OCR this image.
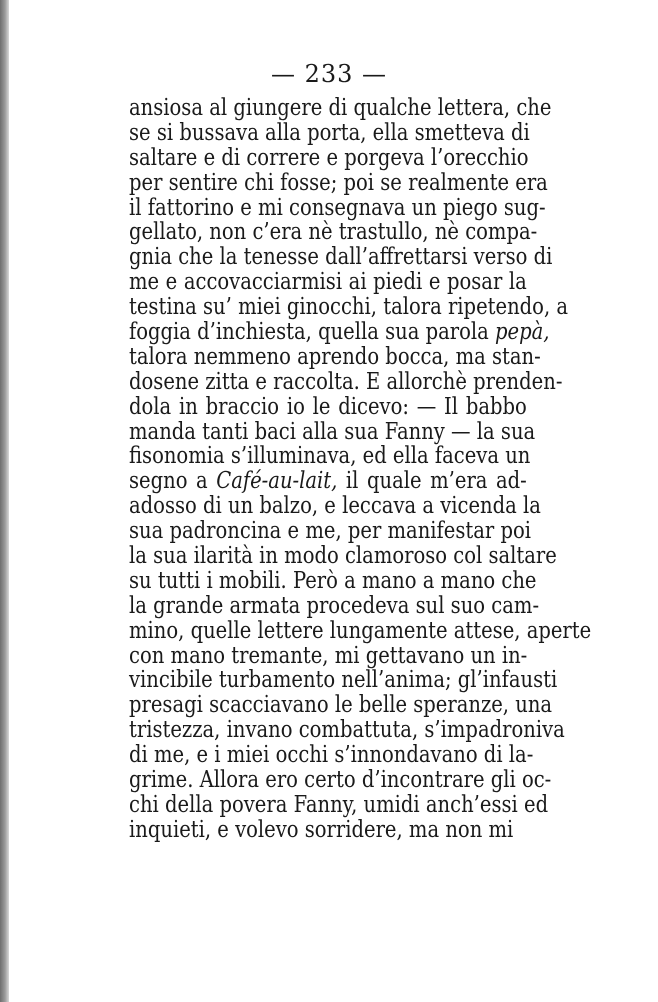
— 233 —
ansiosa al giungere di qualche lettera, che
se si bussava alla porta, ella smetteva di
saltare e di correre e porgeva l’orecchio
per sentire chi fosse; poi se realmente era
il fattorino e mi consegnava un piego sug-
gellato, non c’era nè trastullo, nè compa-
gnia che la tenesse dall’affrettarsi verso di
me e accovacciarmisi ai piedi e posar la
testina su’ miei ginocchi, talora ripetendo, a
foggia d’inchiesta, quella sua parola pepà,
talora nemmeno aprendo bocca, ma stan-
dosene zitta e raccolta. E allorchè prenden-
dola in braccio io le dicevo: — Il babbo
manda tanti baci alla sua Fanny — la sua
fisonomia s’illuminava, ed ella faceva un
segno a Café-au-lait, il quale m’era ad-
adosso di un balzo, e leccava a vicenda la
sua padroncina e me, per manifestar poi
la sua ilarità in modo clamoroso col saltare
su tutti i mobili. Però a mano a mano che
la grande armata procedeva sul suo cam-
mino, quelle lettere lungamente attese, aperte
con mano tremante, mi gettavano un in-
vincibile turbamento nell’anima; gl’infausti
presagi scacciavano le belle speranze, una
tristezza, invano combattuta, s’impadroniva
di me, e i miei occhi s’innondavano di la-
grime. Allora ero certo d’incontrare gli oc-
chi della povera Fanny, umidi anch’essi ed
inquieti, e volevo sorridere, ma non mi
